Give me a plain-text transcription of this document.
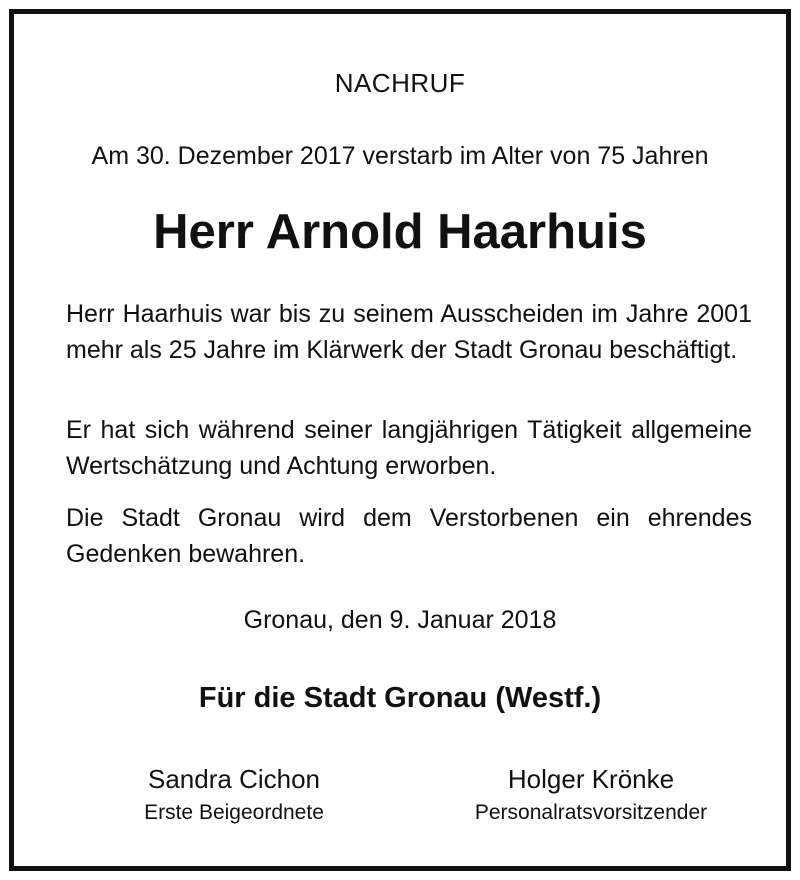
NACHRUF
Am 30. Dezember 2017 verstarb im Alter von 75 Jahren
Herr Arnold Haarhuis
Herr Haarhuis war bis zu seinem Ausscheiden im Jahre 2001 mehr als 25 Jahre im Klärwerk der Stadt Gronau beschäftigt.
Er hat sich während seiner langjährigen Tätigkeit allgemeine Wertschätzung und Achtung erworben.
Die Stadt Gronau wird dem Verstorbenen ein ehrendes Gedenken bewahren.
Gronau, den 9. Januar 2018
Für die Stadt Gronau (Westf.)
Sandra Cichon
Erste Beigeordnete
Holger Krönke
Personalratsvorsitzender
